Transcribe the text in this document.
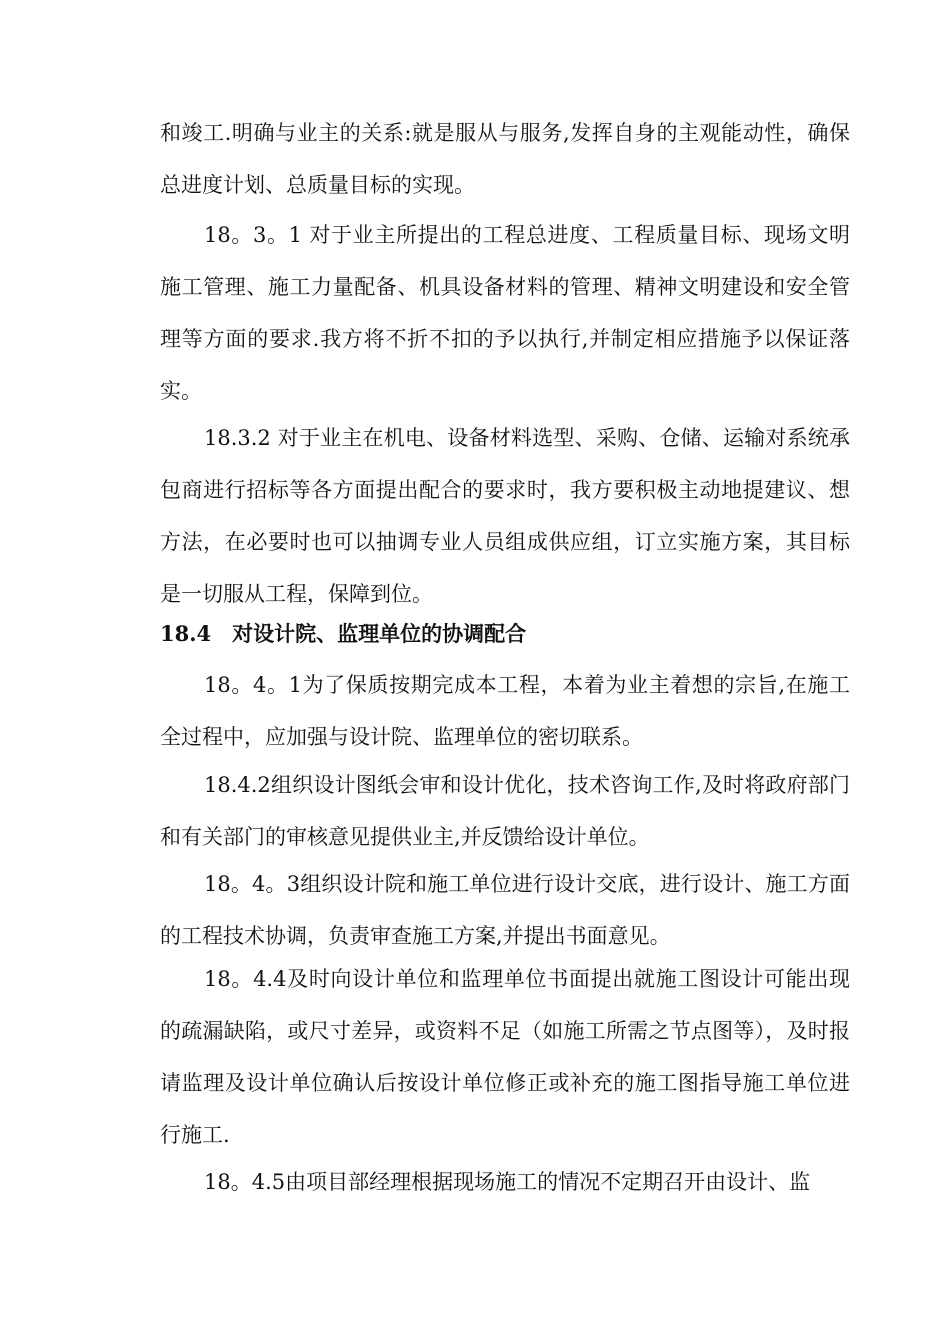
和竣工.明确与业主的关系:就是服从与服务,发挥自身的主观能动性，确保总进度计划、总质量目标的实现。

18。3。1 对于业主所提出的工程总进度、工程质量目标、现场文明施工管理、施工力量配备、机具设备材料的管理、精神文明建设和安全管理等方面的要求.我方将不折不扣的予以执行,并制定相应措施予以保证落实。

18.3.2 对于业主在机电、设备材料选型、采购、仓储、运输对系统承包商进行招标等各方面提出配合的要求时，我方要积极主动地提建议、想方法，在必要时也可以抽调专业人员组成供应组，订立实施方案，其目标是一切服从工程，保障到位。

18.4　对设计院、监理单位的协调配合

18。4。1为了保质按期完成本工程，本着为业主着想的宗旨,在施工全过程中，应加强与设计院、监理单位的密切联系。

18.4.2组织设计图纸会审和设计优化，技术咨询工作,及时将政府部门和有关部门的审核意见提供业主,并反馈给设计单位。

18。4。3组织设计院和施工单位进行设计交底，进行设计、施工方面的工程技术协调，负责审查施工方案,并提出书面意见。

18。4.4及时向设计单位和监理单位书面提出就施工图设计可能出现的疏漏缺陷，或尺寸差异，或资料不足（如施工所需之节点图等），及时报请监理及设计单位确认后按设计单位修正或补充的施工图指导施工单位进行施工.

18。4.5由项目部经理根据现场施工的情况不定期召开由设计、监
